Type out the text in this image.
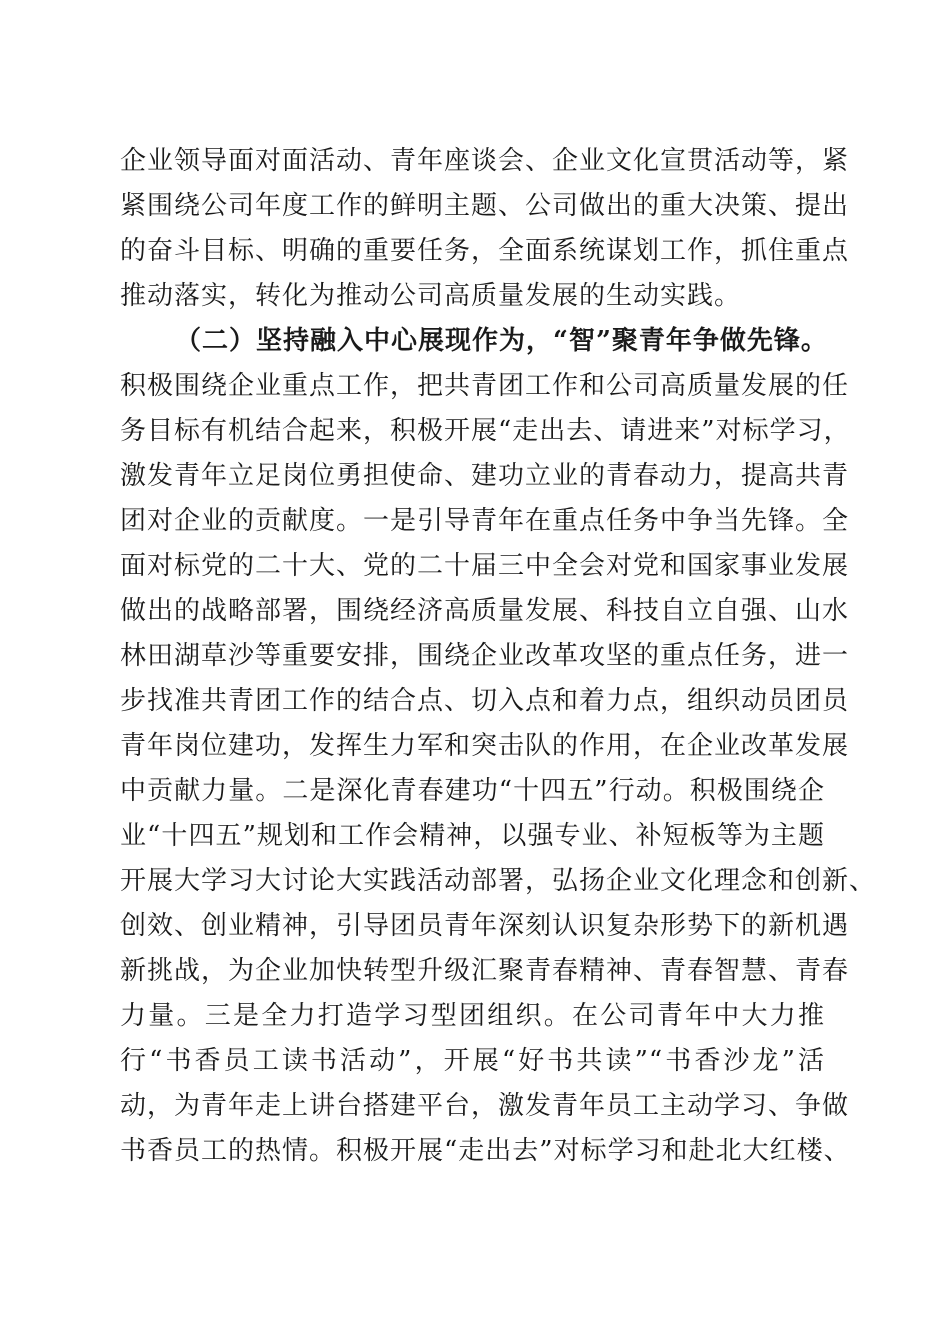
企业领导面对面活动、青年座谈会、企业文化宣贯活动等，紧
紧围绕公司年度工作的鲜明主题、公司做出的重大决策、提出
的奋斗目标、明确的重要任务，全面系统谋划工作，抓住重点
推动落实，转化为推动公司高质量发展的生动实践。
（二）坚持融入中心展现作为，“智”聚青年争做先锋。
积极围绕企业重点工作，把共青团工作和公司高质量发展的任
务目标有机结合起来，积极开展“走出去、请进来”对标学习，
激发青年立足岗位勇担使命、建功立业的青春动力，提高共青
团对企业的贡献度。一是引导青年在重点任务中争当先锋。全
面对标党的二十大、党的二十届三中全会对党和国家事业发展
做出的战略部署，围绕经济高质量发展、科技自立自强、山水
林田湖草沙等重要安排，围绕企业改革攻坚的重点任务，进一
步找准共青团工作的结合点、切入点和着力点，组织动员团员
青年岗位建功，发挥生力军和突击队的作用，在企业改革发展
中贡献力量。二是深化青春建功“十四五”行动。积极围绕企
业“十四五”规划和工作会精神，以强专业、补短板等为主题
开展大学习大讨论大实践活动部署，弘扬企业文化理念和创新、
创效、创业精神，引导团员青年深刻认识复杂形势下的新机遇
新挑战，为企业加快转型升级汇聚青春精神、青春智慧、青春
力量。三是全力打造学习型团组织。在公司青年中大力推
行“书香员工读书活动”，开展“好书共读”“书香沙龙”活
动，为青年走上讲台搭建平台，激发青年员工主动学习、争做
书香员工的热情。积极开展“走出去”对标学习和赴北大红楼、
